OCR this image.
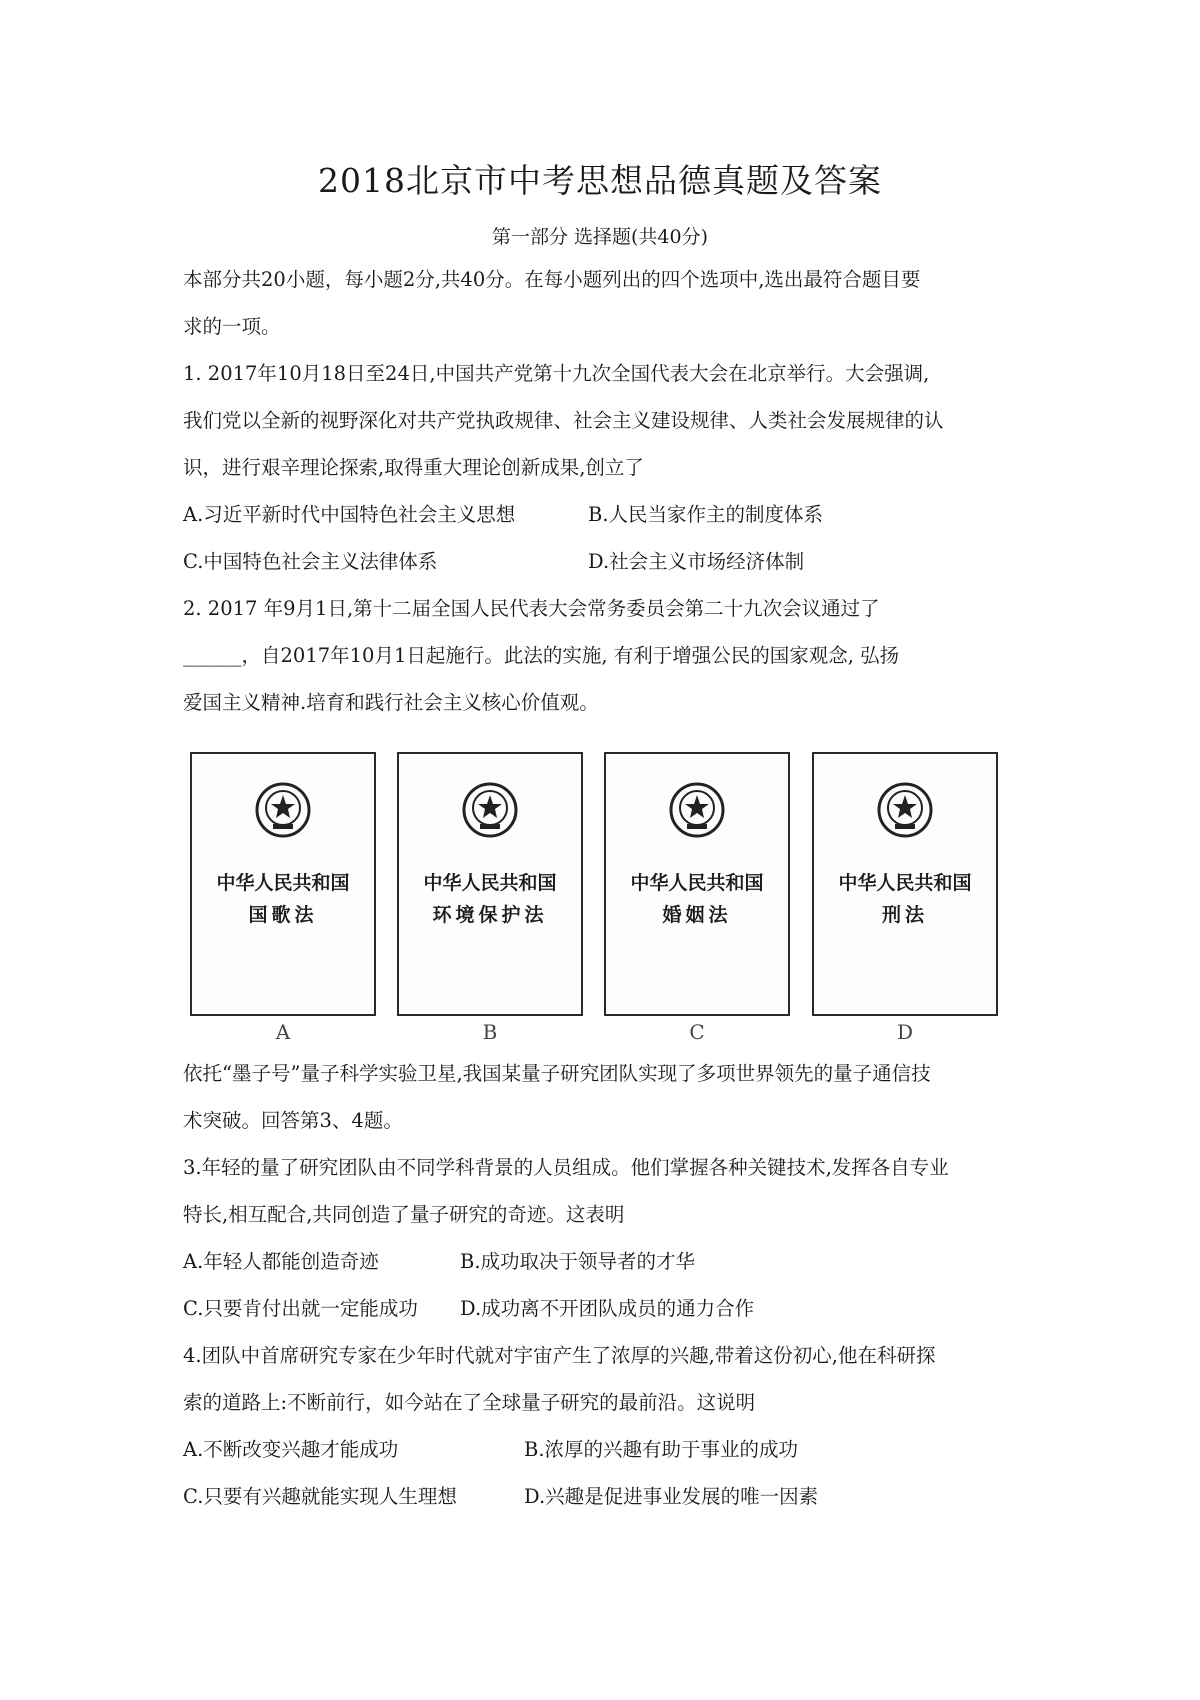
2018北京市中考思想品德真题及答案
第一部分 选择题(共40分)
本部分共20小题，每小题2分,共40分。在每小题列出的四个选项中,选出最符合题目要
求的一项。
1. 2017年10月18日至24日,中国共产党第十九次全国代表大会在北京举行。大会强调,
我们党以全新的视野深化对共产党执政规律、社会主义建设规律、人类社会发展规律的认
识，进行艰辛理论探索,取得重大理论创新成果,创立了
A.习近平新时代中国特色社会主义思想	B.人民当家作主的制度体系
C.中国特色社会主义法律体系	D.社会主义市场经济体制
2. 2017 年9月1日,第十二届全国人民代表大会常务委员会第二十九次会议通过了
______，自2017年10月1日起施行。此法的实施, 有利于增强公民的国家观念, 弘扬
爱国主义精神.培育和践行社会主义核心价值观。
中华人民共和国
国歌法
A
中华人民共和国
环境保护法
B
中华人民共和国
婚姻法
C
中华人民共和国
刑法
D
依托“墨子号”量子科学实验卫星,我国某量子研究团队实现了多项世界领先的量子通信技
术突破。回答第3、4题。
3.年轻的量了研究团队由不同学科背景的人员组成。他们掌握各种关键技术,发挥各自专业
特长,相互配合,共同创造了量子研究的奇迹。这表明
A.年轻人都能创造奇迹	B.成功取决于领导者的才华
C.只要肯付出就一定能成功 D.成功离不开团队成员的通力合作
4.团队中首席研究专家在少年时代就对宇宙产生了浓厚的兴趣,带着这份初心,他在科研探
索的道路上:不断前行，如今站在了全球量子研究的最前沿。这说明
A.不断改变兴趣才能成功	B.浓厚的兴趣有助于事业的成功
C.只要有兴趣就能实现人生理想	D.兴趣是促进事业发展的唯一因素
